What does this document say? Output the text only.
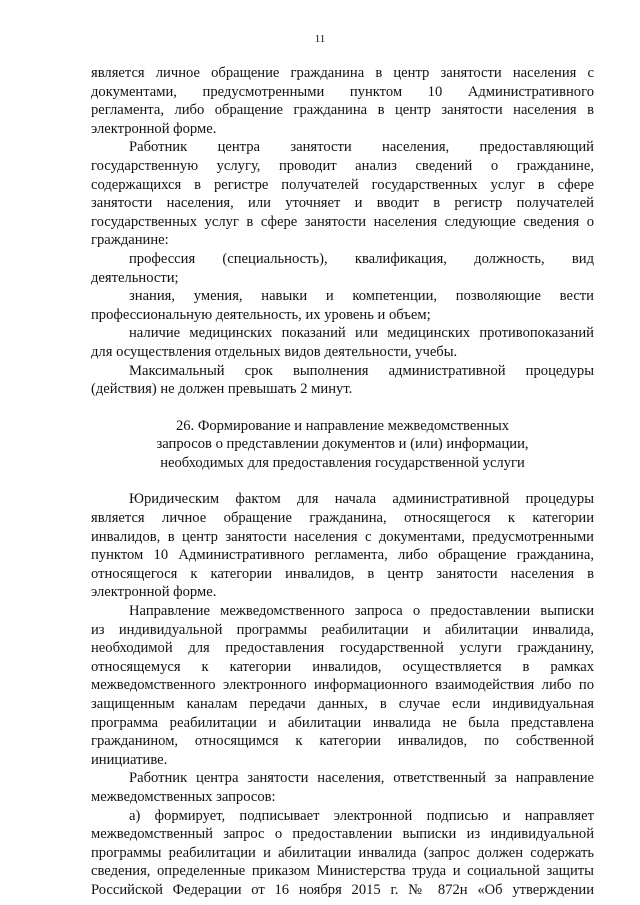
11
является личное обращение гражданина в центр занятости населения с
документами, предусмотренными пунктом 10 Административного
регламента, либо обращение гражданина в центр занятости населения в
электронной форме.
Работник центра занятости населения, предоставляющий
государственную услугу, проводит анализ сведений о гражданине,
содержащихся в регистре получателей государственных услуг в сфере
занятости населения, или уточняет и вводит в регистр получателей
государственных услуг в сфере занятости населения следующие сведения о
гражданине:
профессия (специальность), квалификация, должность, вид
деятельности;
знания, умения, навыки и компетенции, позволяющие вести
профессиональную деятельность, их уровень и объем;
наличие медицинских показаний или медицинских противопоказаний
для осуществления отдельных видов деятельности, учебы.
Максимальный срок выполнения административной процедуры
(действия) не должен превышать 2 минут.
26. Формирование и направление межведомственных
запросов о представлении документов и (или) информации,
необходимых для предоставления государственной услуги
Юридическим фактом для начала административной процедуры
является личное обращение гражданина, относящегося к категории
инвалидов, в центр занятости населения с документами, предусмотренными
пунктом 10 Административного регламента, либо обращение гражданина,
относящегося к категории инвалидов, в центр занятости населения в
электронной форме.
Направление межведомственного запроса о предоставлении выписки
из индивидуальной программы реабилитации и абилитации инвалида,
необходимой для предоставления государственной услуги гражданину,
относящемуся к категории инвалидов, осуществляется в рамках
межведомственного электронного информационного взаимодействия либо по
защищенным каналам передачи данных, в случае если индивидуальная
программа реабилитации и абилитации инвалида не была представлена
гражданином, относящимся к категории инвалидов, по собственной
инициативе.
Работник центра занятости населения, ответственный за направление
межведомственных запросов:
а) формирует, подписывает электронной подписью и направляет
межведомственный запрос о предоставлении выписки из индивидуальной
программы реабилитации и абилитации инвалида (запрос должен содержать
сведения, определенные приказом Министерства труда и социальной защиты
Российской Федерации от 16 ноября 2015 г. № 872н «Об утверждении
